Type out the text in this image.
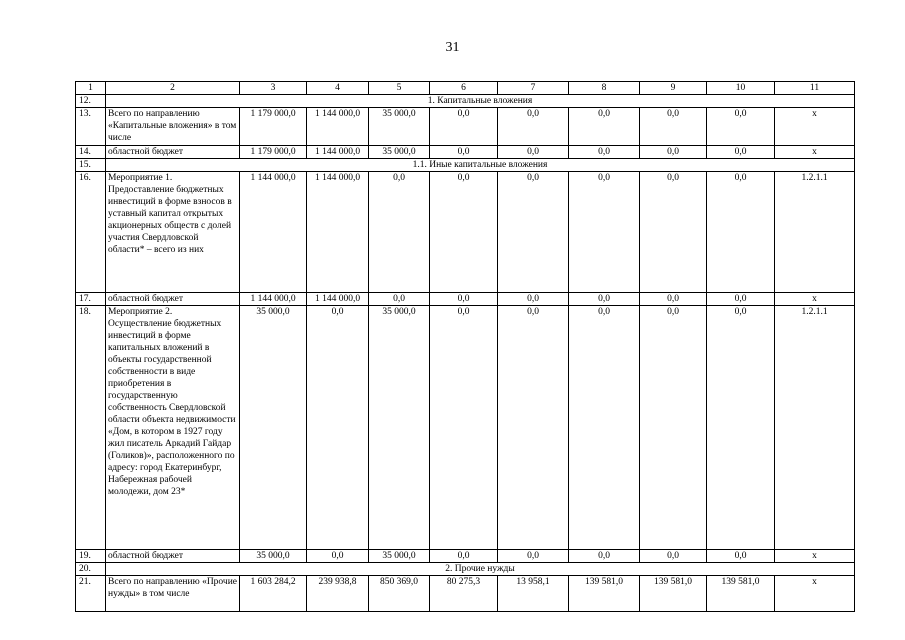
31
1	2	3	4	5	6	7	8	9	10	11
12.	1. Капитальные вложения									
13.	Всего по направлению «Капитальные вложения» в том числе	1 179 000,0	1 144 000,0	35 000,0	0,0	0,0	0,0	0,0	0,0	х
14.	областной бюджет	1 179 000,0	1 144 000,0	35 000,0	0,0	0,0	0,0	0,0	0,0	х
15.	1.1. Иные капитальные вложения									
16.	Мероприятие 1. Предоставление бюджетных инвестиций в форме взносов в уставный капитал открытых акционерных обществ с долей участия Свердловской области* – всего из них	1 144 000,0	1 144 000,0	0,0	0,0	0,0	0,0	0,0	0,0	1.2.1.1
17.	областной бюджет	1 144 000,0	1 144 000,0	0,0	0,0	0,0	0,0	0,0	0,0	х
18.	Мероприятие 2. Осуществление бюджетных инвестиций в форме капитальных вложений в объекты государственной собственности в виде приобретения в государственную собственность Свердловской области объекта недвижимости «Дом, в котором в 1927 году жил писатель Аркадий Гайдар (Голиков)», расположенного по адресу: город Екатеринбург, Набережная рабочей молодежи, дом 23*	35 000,0	0,0	35 000,0	0,0	0,0	0,0	0,0	0,0	1.2.1.1
19.	областной бюджет	35 000,0	0,0	35 000,0	0,0	0,0	0,0	0,0	0,0	х
20.	2. Прочие нужды									
21.	Всего по направлению «Прочие нужды» в том числе	1 603 284,2	239 938,8	850 369,0	80 275,3	13 958,1	139 581,0	139 581,0	139 581,0	х
